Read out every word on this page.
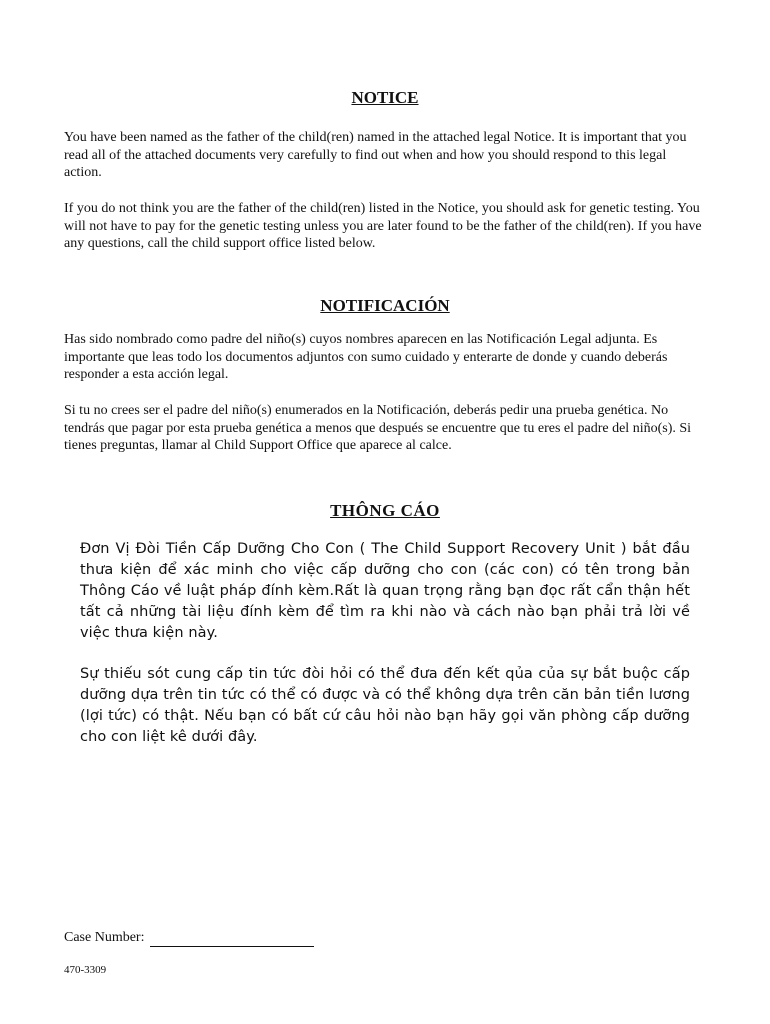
NOTICE
You have been named as the father of the child(ren) named in the attached legal Notice. It is important that you read all of the attached documents very carefully to find out when and how you should respond to this legal action.
If you do not think you are the father of the child(ren) listed in the Notice, you should ask for genetic testing. You will not have to pay for the genetic testing unless you are later found to be the father of the child(ren). If you have any questions, call the child support office listed below.
NOTIFICACIÓN
Has sido nombrado como padre del niño(s) cuyos nombres aparecen en las Notificación Legal adjunta. Es importante que leas todo los documentos adjuntos con sumo cuidado y enterarte de donde y cuando deberás responder a esta acción legal.
Si tu no crees ser el padre del niño(s) enumerados en la Notificación, deberás pedir una prueba genética. No tendrás que pagar por esta prueba genética a menos que después se encuentre que tu eres el padre del niño(s). Si tienes preguntas, llamar al Child Support Office que aparece al calce.
THÔNG CÁO
Đơn Vị Đòi Tiền Cấp Dưỡng Cho Con ( The Child Support Recovery Unit ) bắt đầu thưa kiện để xác minh cho việc cấp dưỡng cho con (các con) có tên trong bản Thông Cáo về luật pháp đính kèm.Rất là quan trọng rằng bạn đọc rất cẩn thận hết tất cả những tài liệu đính kèm để tìm ra khi nào và cách nào bạn phải trả lời về việc thưa kiện này.
Sự thiếu sót cung cấp tin tức đòi hỏi có thể đưa đến kết qủa của sự bắt buộc cấp dưỡng dựa trên tin tức có thể có được và có thể không dựa trên căn bản tiền lương (lợi tức) có thật. Nếu bạn có bất cứ câu hỏi nào bạn hãy gọi văn phòng cấp dưỡng cho con liệt kê dưới đây.
Case Number:
470-3309
